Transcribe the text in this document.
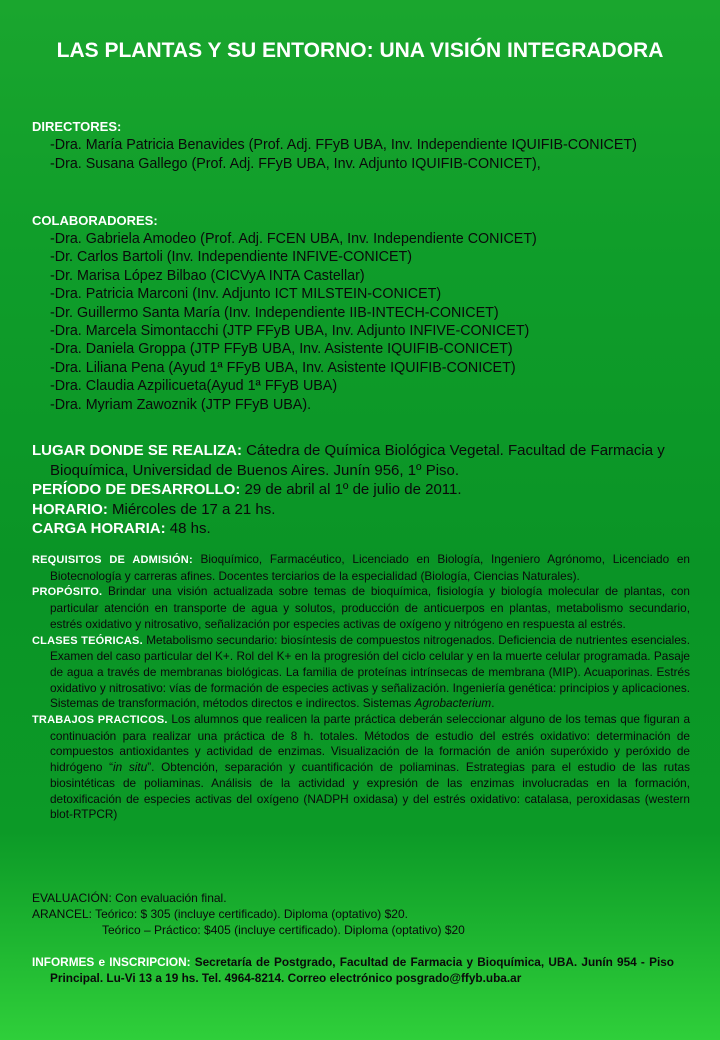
LAS PLANTAS Y SU ENTORNO: UNA VISIÓN INTEGRADORA
DIRECTORES:
-Dra. María Patricia Benavides (Prof. Adj. FFyB UBA, Inv. Independiente IQUIFIB-CONICET)
-Dra. Susana Gallego (Prof. Adj. FFyB UBA, Inv. Adjunto IQUIFIB-CONICET),
COLABORADORES:
-Dra. Gabriela Amodeo (Prof. Adj. FCEN UBA, Inv. Independiente CONICET)
-Dr. Carlos Bartoli (Inv. Independiente INFIVE-CONICET)
-Dr. Marisa López Bilbao (CICVyA INTA Castellar)
-Dra. Patricia Marconi (Inv. Adjunto ICT MILSTEIN-CONICET)
-Dr. Guillermo Santa María (Inv. Independiente IIB-INTECH-CONICET)
-Dra. Marcela Simontacchi (JTP FFyB UBA, Inv. Adjunto INFIVE-CONICET)
-Dra. Daniela Groppa (JTP FFyB UBA, Inv. Asistente IQUIFIB-CONICET)
-Dra. Liliana Pena (Ayud 1ª FFyB UBA, Inv. Asistente IQUIFIB-CONICET)
-Dra. Claudia Azpilicueta(Ayud 1ª FFyB UBA)
-Dra. Myriam Zawoznik (JTP FFyB UBA).

LUGAR DONDE SE REALIZA: Cátedra de Química Biológica Vegetal. Facultad de Farmacia y Bioquímica, Universidad de Buenos Aires. Junín 956, 1º Piso.

PERÍODO DE DESARROLLO: 29 de abril al 1º de julio de 2011.

HORARIO: Miércoles de 17 a 21 hs.

CARGA HORARIA: 48 hs.

REQUISITOS DE ADMISIÓN: Bioquímico, Farmacéutico, Licenciado en Biología, Ingeniero Agrónomo, Licenciado en Biotecnología y carreras afines. Docentes terciarios de la especialidad (Biología, Ciencias Naturales).

PROPÓSITO. Brindar una visión actualizada sobre temas de bioquímica, fisiología y biología molecular de plantas, con particular atención en transporte de agua y solutos, producción de anticuerpos en plantas, metabolismo secundario, estrés oxidativo y nitrosativo, señalización por especies activas de oxígeno y nitrógeno en respuesta al estrés.

CLASES TEÓRICAS. Metabolismo secundario: biosíntesis de compuestos nitrogenados. Deficiencia de nutrientes esenciales. Examen del caso particular del K+. Rol del K+ en la progresión del ciclo celular y en la muerte celular programada. Pasaje de agua a través de membranas biológicas. La familia de proteínas intrínsecas de membrana (MIP). Acuaporinas. Estrés oxidativo y nitrosativo: vías de formación de especies activas y señalización. Ingeniería genética: principios y aplicaciones. Sistemas de transformación, métodos directos e indirectos. Sistemas Agrobacterium.

TRABAJOS PRACTICOS. Los alumnos que realicen la parte práctica deberán seleccionar alguno de los temas que figuran a continuación para realizar una práctica de 8 h. totales. Métodos de estudio del estrés oxidativo: determinación de compuestos antioxidantes y actividad de enzimas. Visualización de la formación de anión superóxido y peróxido de hidrógeno “in situ”. Obtención, separación y cuantificación de poliaminas. Estrategias para el estudio de las rutas biosintéticas de poliaminas. Análisis de la actividad y expresión de las enzimas involucradas en la formación, detoxificación de especies activas del oxígeno (NADPH oxidasa) y del estrés oxidativo: catalasa, peroxidasas (western blot-RTPCR)

EVALUACIÓN: Con evaluación final.

ARANCEL: Teórico: $ 305 (incluye certificado). Diploma (optativo) $20.

Teórico – Práctico: $405 (incluye certificado). Diploma (optativo) $20

INFORMES e INSCRIPCION: Secretaría de Postgrado, Facultad de Farmacia y Bioquímica, UBA. Junín 954 - Piso Principal. Lu-Vi 13 a 19 hs. Tel. 4964-8214. Correo electrónico posgrado@ffyb.uba.ar
